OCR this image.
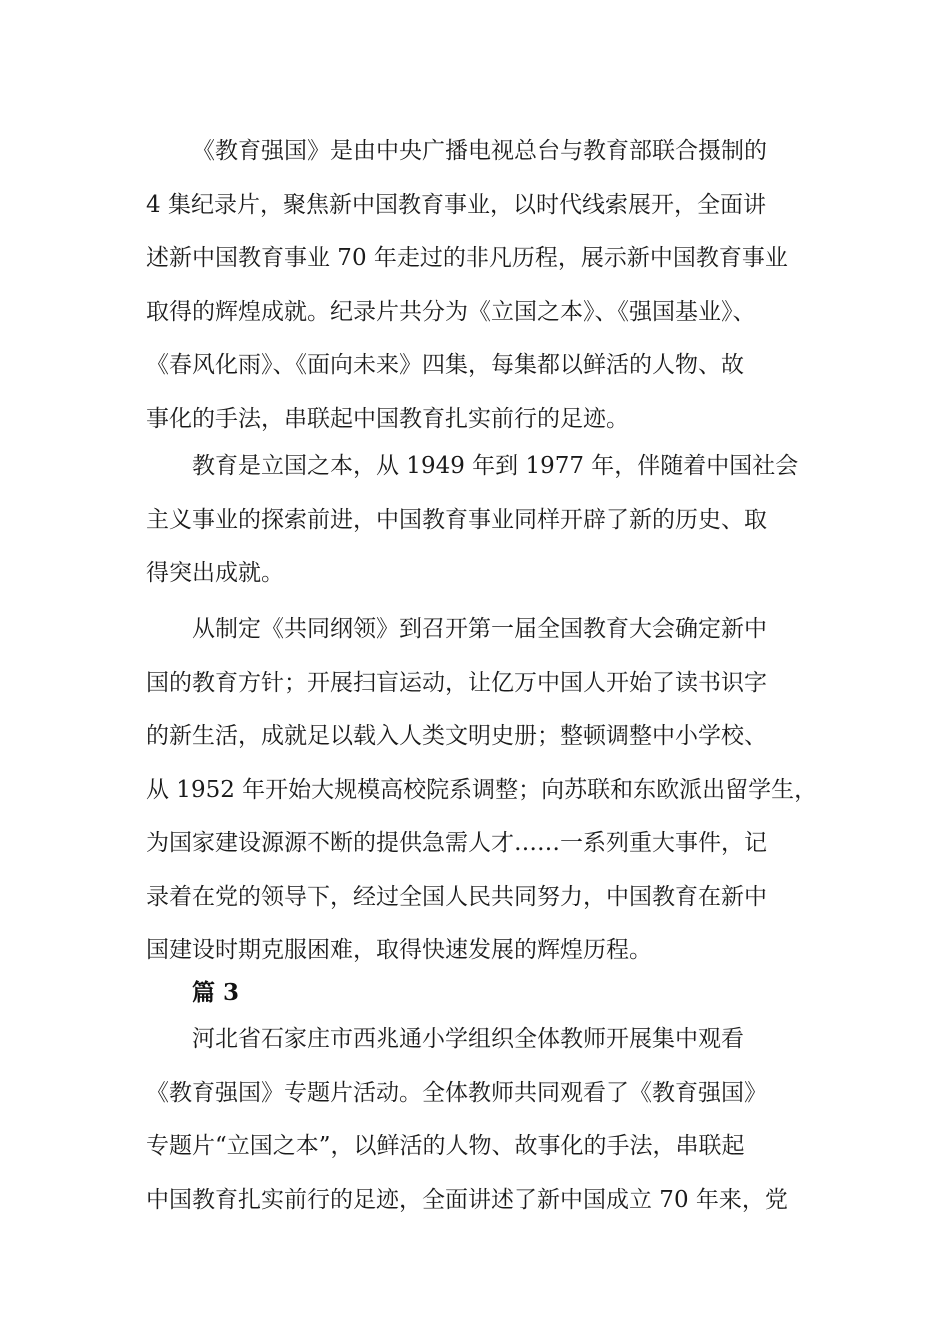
《教育强国》是由中央广播电视总台与教育部联合摄制的
4 集纪录片，聚焦新中国教育事业，以时代线索展开，全面讲
述新中国教育事业 70 年走过的非凡历程，展示新中国教育事业
取得的辉煌成就。纪录片共分为《立国之本》、《强国基业》、
《春风化雨》、《面向未来》四集，每集都以鲜活的人物、故
事化的手法，串联起中国教育扎实前行的足迹。
教育是立国之本，从 1949 年到 1977 年，伴随着中国社会
主义事业的探索前进，中国教育事业同样开辟了新的历史、取
得突出成就。
从制定《共同纲领》到召开第一届全国教育大会确定新中
国的教育方针；开展扫盲运动，让亿万中国人开始了读书识字
的新生活，成就足以载入人类文明史册；整顿调整中小学校、
从 1952 年开始大规模高校院系调整；向苏联和东欧派出留学生，
为国家建设源源不断的提供急需人才……一系列重大事件，记
录着在党的领导下，经过全国人民共同努力，中国教育在新中
国建设时期克服困难，取得快速发展的辉煌历程。
篇 3
河北省石家庄市西兆通小学组织全体教师开展集中观看
《教育强国》专题片活动。全体教师共同观看了《教育强国》
专题片“立国之本”，以鲜活的人物、故事化的手法，串联起
中国教育扎实前行的足迹，全面讲述了新中国成立 70 年来，党
